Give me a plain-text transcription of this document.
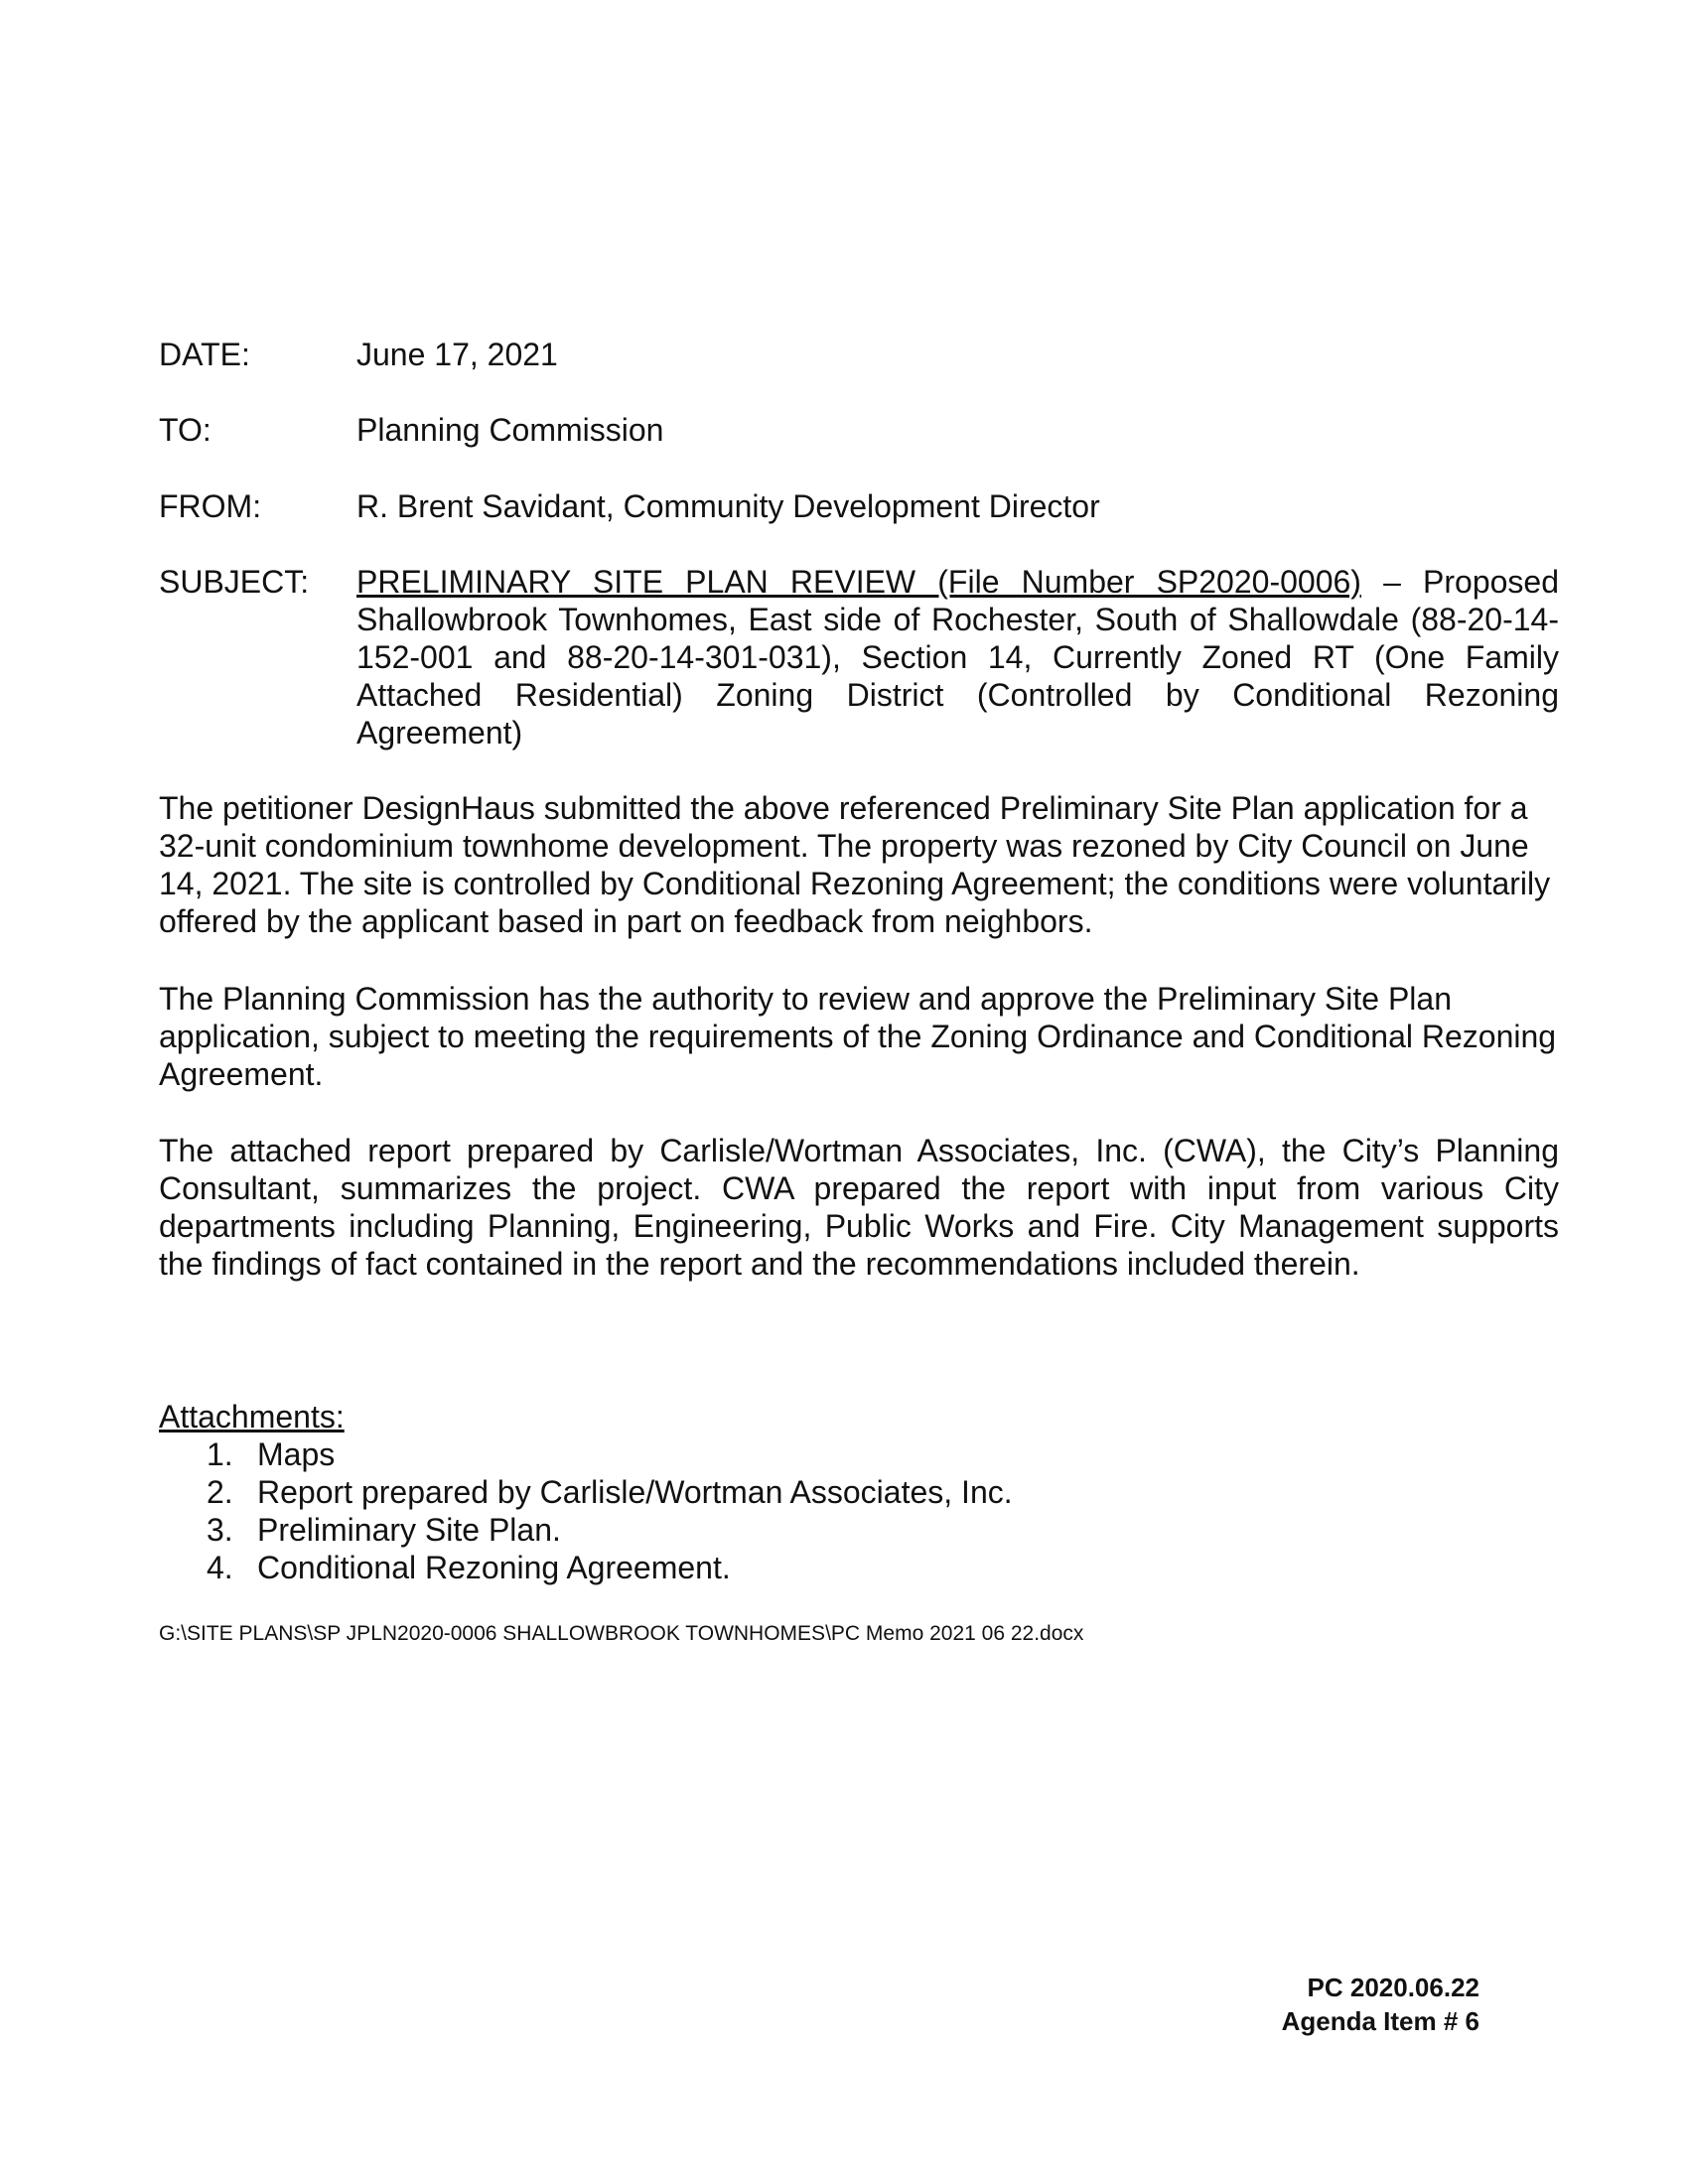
DATE:	June 17, 2021
TO:	Planning Commission
FROM:	R. Brent Savidant, Community Development Director
SUBJECT: PRELIMINARY SITE PLAN REVIEW (File Number SP2020-0006) – Proposed Shallowbrook Townhomes, East side of Rochester, South of Shallowdale (88-20-14-152-001 and 88-20-14-301-031), Section 14, Currently Zoned RT (One Family Attached Residential) Zoning District (Controlled by Conditional Rezoning Agreement)

The petitioner DesignHaus submitted the above referenced Preliminary Site Plan application for a 32-unit condominium townhome development. The property was rezoned by City Council on June 14, 2021. The site is controlled by Conditional Rezoning Agreement; the conditions were voluntarily offered by the applicant based in part on feedback from neighbors.

The Planning Commission has the authority to review and approve the Preliminary Site Plan application, subject to meeting the requirements of the Zoning Ordinance and Conditional Rezoning Agreement.

The attached report prepared by Carlisle/Wortman Associates, Inc. (CWA), the City’s Planning Consultant, summarizes the project. CWA prepared the report with input from various City departments including Planning, Engineering, Public Works and Fire. City Management supports the findings of fact contained in the report and the recommendations included therein.

Attachments:
1. Maps
2. Report prepared by Carlisle/Wortman Associates, Inc.
3. Preliminary Site Plan.
4. Conditional Rezoning Agreement.
G:\SITE PLANS\SP JPLN2020-0006 SHALLOWBROOK TOWNHOMES\PC Memo 2021 06 22.docx
PC 2020.06.22
Agenda Item # 6
